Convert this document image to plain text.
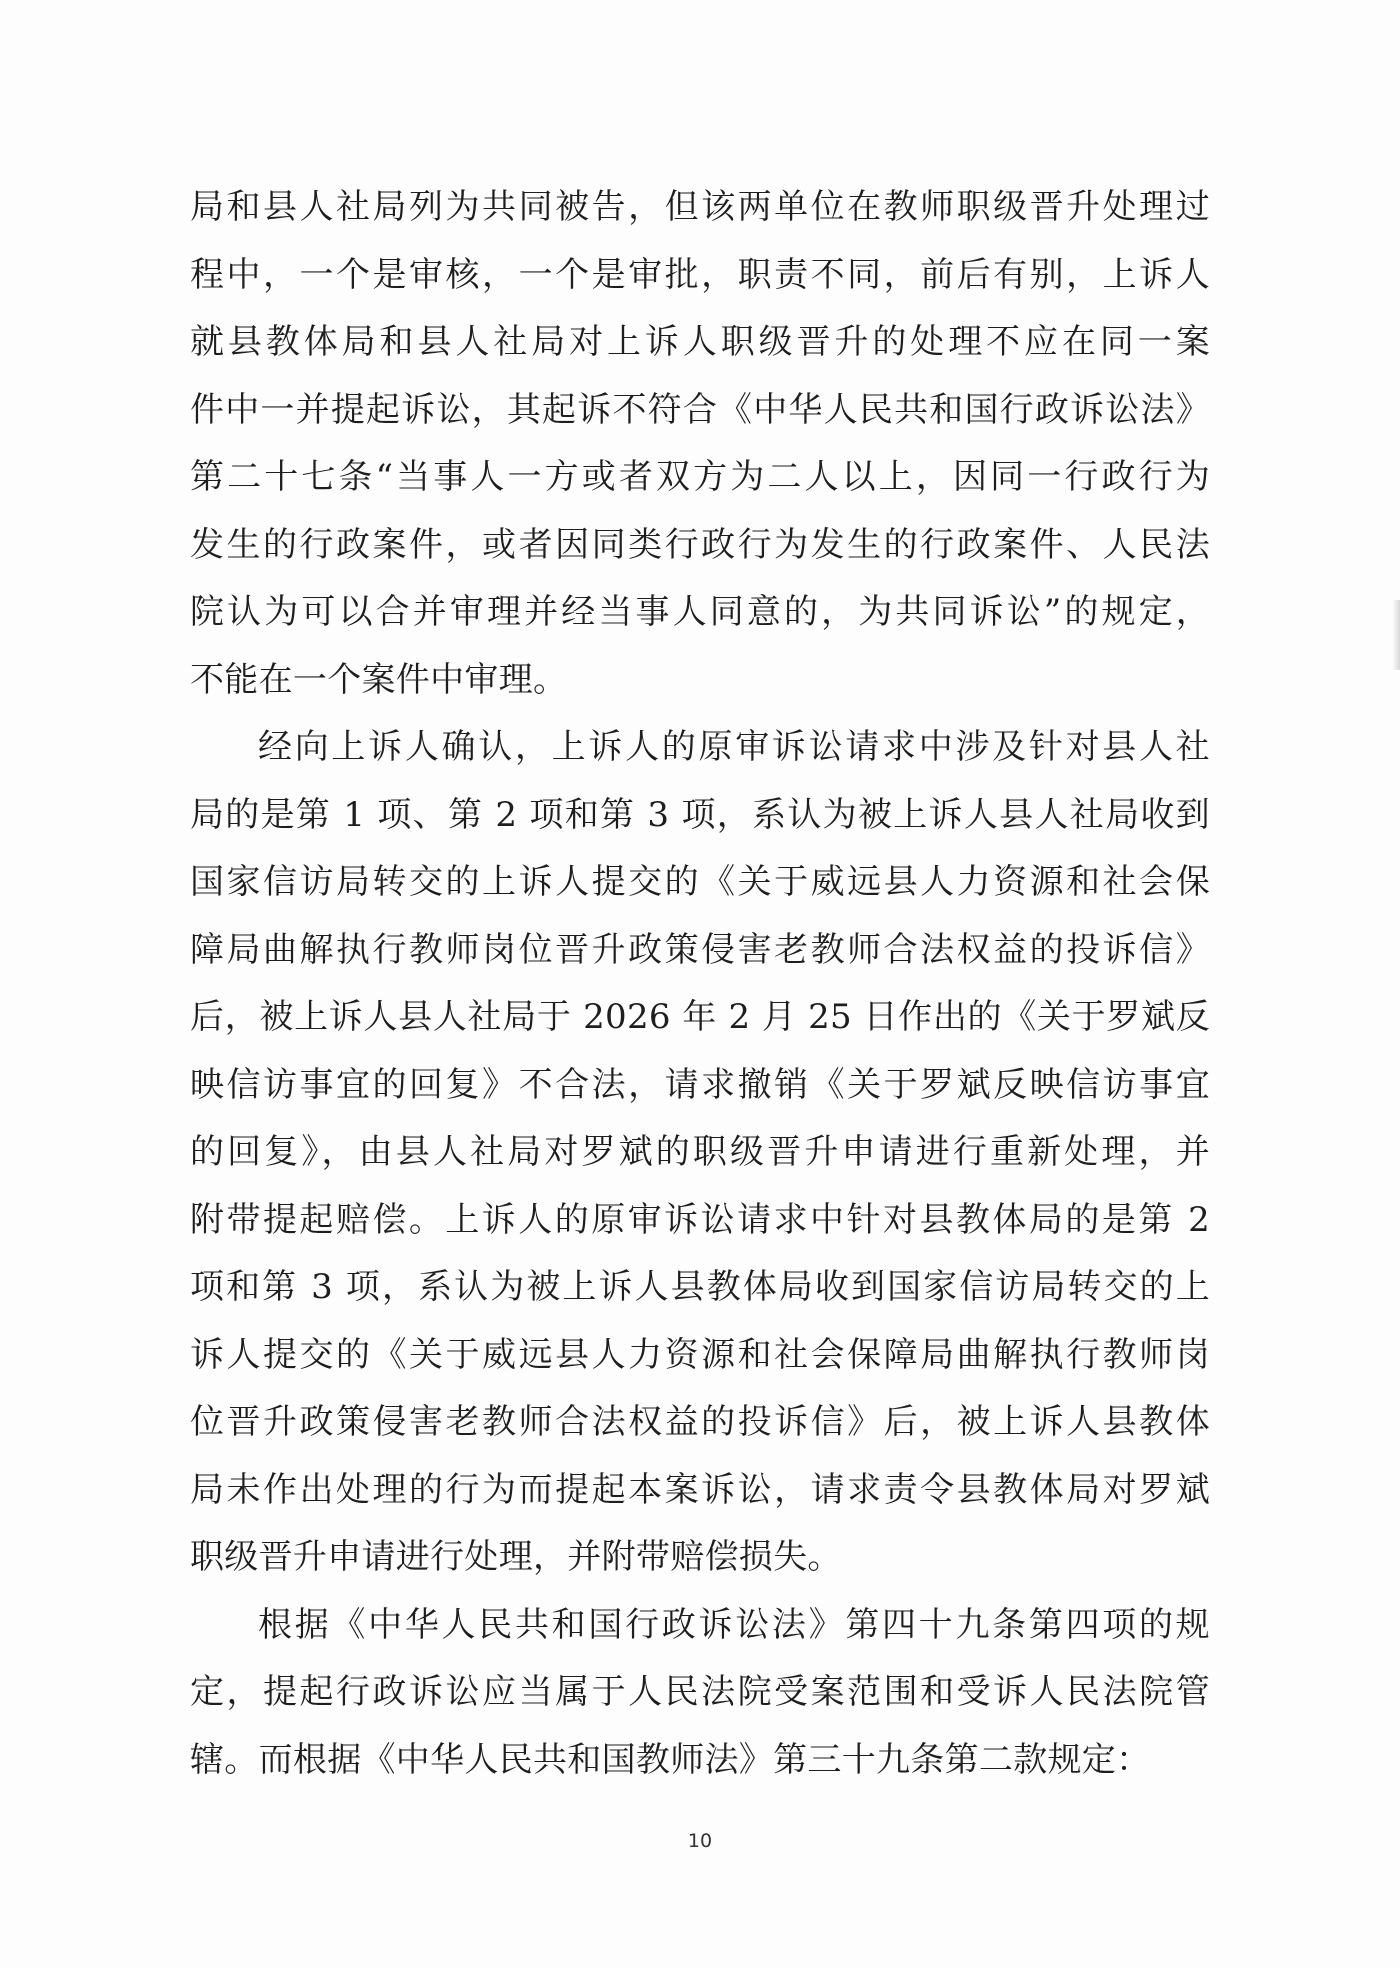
局和县人社局列为共同被告，但该两单位在教师职级晋升处理过
程中，一个是审核，一个是审批，职责不同，前后有别，上诉人
就县教体局和县人社局对上诉人职级晋升的处理不应在同一案
件中一并提起诉讼，其起诉不符合《中华人民共和国行政诉讼法》
第二十七条“当事人一方或者双方为二人以上，因同一行政行为
发生的行政案件，或者因同类行政行为发生的行政案件、人民法
院认为可以合并审理并经当事人同意的，为共同诉讼”的规定，
不能在一个案件中审理。
经向上诉人确认，上诉人的原审诉讼请求中涉及针对县人社
局的是第 1 项、第 2 项和第 3 项，系认为被上诉人县人社局收到
国家信访局转交的上诉人提交的《关于威远县人力资源和社会保
障局曲解执行教师岗位晋升政策侵害老教师合法权益的投诉信》
后，被上诉人县人社局于 2026 年 2 月 25 日作出的《关于罗斌反
映信访事宜的回复》不合法，请求撤销《关于罗斌反映信访事宜
的回复》，由县人社局对罗斌的职级晋升申请进行重新处理，并
附带提起赔偿。上诉人的原审诉讼请求中针对县教体局的是第 2
项和第 3 项，系认为被上诉人县教体局收到国家信访局转交的上
诉人提交的《关于威远县人力资源和社会保障局曲解执行教师岗
位晋升政策侵害老教师合法权益的投诉信》后，被上诉人县教体
局未作出处理的行为而提起本案诉讼，请求责令县教体局对罗斌
职级晋升申请进行处理，并附带赔偿损失。
根据《中华人民共和国行政诉讼法》第四十九条第四项的规
定，提起行政诉讼应当属于人民法院受案范围和受诉人民法院管
辖。而根据《中华人民共和国教师法》第三十九条第二款规定：
10
